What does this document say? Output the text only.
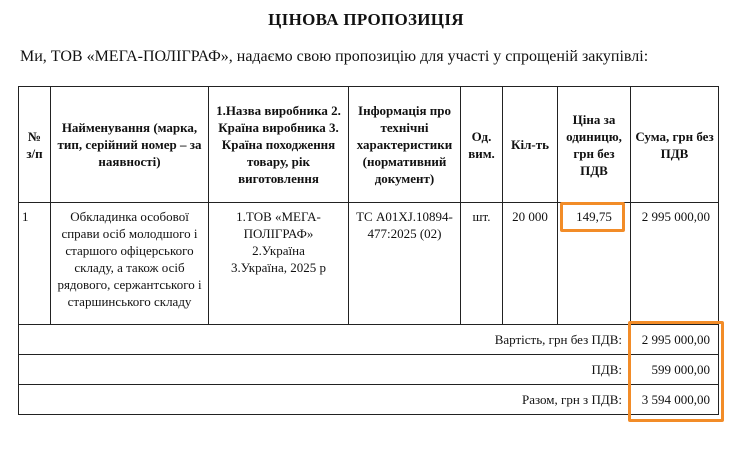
ЦІНОВА ПРОПОЗИЦІЯ
Ми, ТОВ «МЕГА-ПОЛІГРАФ», надаємо свою пропозицію для участі у спрощеній закупівлі:
№ з/п	Найменування (марка, тип, серійний номер – за наявності)	1.Назва виробника 2. Країна виробника 3. Країна походження товару, рік виготовлення	Інформація про технічні характеристики (нормативний документ)	Од. вим.	Кіл-ть	Ціна за одиницю, грн без ПДВ	Сума, грн без ПДВ
1	Обкладинка особової справи осіб молодшого і старшого офіцерського складу, а також осіб рядового, сержантського і старшинського складу	1.ТОВ «МЕГА-ПОЛІГРАФ»
2.Україна
3.Україна, 2025 р	ТС А01XJ.10894-477:2025 (02)	шт.	20 000	149,75	2 995 000,00
Вартість, грн без ПДВ:							2 995 000,00
ПДВ:							599 000,00
Разом, грн з ПДВ:							3 594 000,00
